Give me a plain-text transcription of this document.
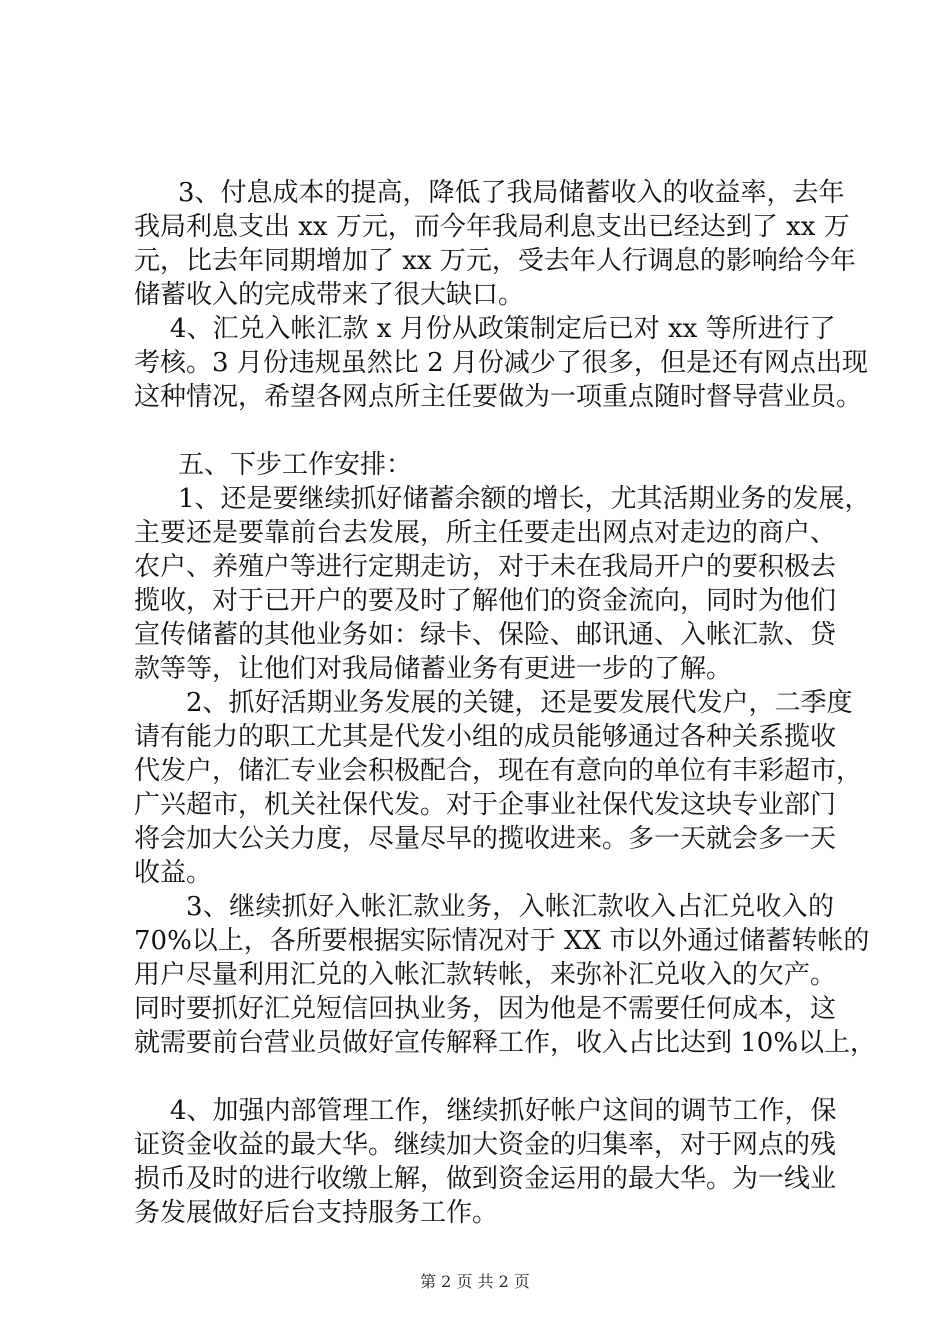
3、付息成本的提高，降低了我局储蓄收入的收益率，去年
我局利息支出 xx 万元，而今年我局利息支出已经达到了 xx 万
元，比去年同期增加了 xx 万元，受去年人行调息的影响给今年
储蓄收入的完成带来了很大缺口。
4、汇兑入帐汇款 x 月份从政策制定后已对 xx 等所进行了
考核。3 月份违规虽然比 2 月份减少了很多，但是还有网点出现
这种情况，希望各网点所主任要做为一项重点随时督导营业员。
五、下步工作安排：
1、还是要继续抓好储蓄余额的增长，尤其活期业务的发展，
主要还是要靠前台去发展，所主任要走出网点对走边的商户、
农户、养殖户等进行定期走访，对于未在我局开户的要积极去
揽收，对于已开户的要及时了解他们的资金流向，同时为他们
宣传储蓄的其他业务如：绿卡、保险、邮讯通、入帐汇款、贷
款等等，让他们对我局储蓄业务有更进一步的了解。
2、抓好活期业务发展的关键，还是要发展代发户，二季度
请有能力的职工尤其是代发小组的成员能够通过各种关系揽收
代发户，储汇专业会积极配合，现在有意向的单位有丰彩超市，
广兴超市，机关社保代发。对于企事业社保代发这块专业部门
将会加大公关力度，尽量尽早的揽收进来。多一天就会多一天
收益。
3、继续抓好入帐汇款业务，入帐汇款收入占汇兑收入的
70%以上，各所要根据实际情况对于 XX 市以外通过储蓄转帐的
用户尽量利用汇兑的入帐汇款转帐，来弥补汇兑收入的欠产。
同时要抓好汇兑短信回执业务，因为他是不需要任何成本，这
就需要前台营业员做好宣传解释工作，收入占比达到 10%以上，
4、加强内部管理工作，继续抓好帐户这间的调节工作，保
证资金收益的最大华。继续加大资金的归集率，对于网点的残
损币及时的进行收缴上解，做到资金运用的最大华。为一线业
务发展做好后台支持服务工作。
第 2 页 共 2 页
